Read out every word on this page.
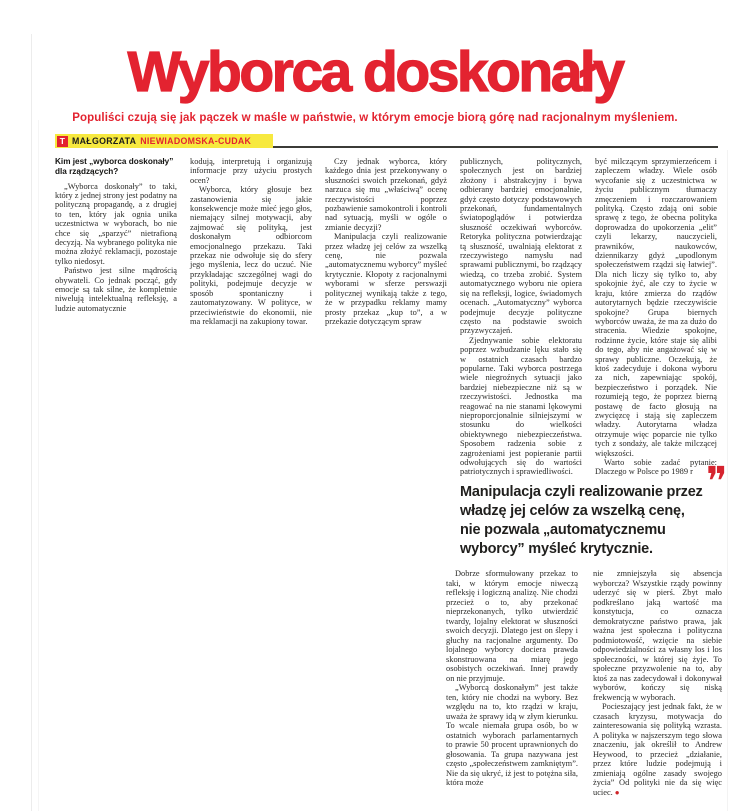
Wyborca doskonały

Populiści czują się jak pączek w maśle w państwie, w którym emocje biorą górę nad racjonalnym myśleniem.

T MAŁGORZATA NIEWIADOMSKA-CUDAK
Kim jest „wyborca doskonały” dla rządzących?

„Wyborca doskonały” to taki, który z jednej strony jest podatny na polityczną propagandę, a z drugiej to ten, który jak ognia unika uczestnictwa w wyborach, bo nie chce się „sparzyć” nietrafioną decyzją. Na wybranego polityka nie można złożyć reklamacji, pozostaje tylko niedosyt.

Państwo jest silne mądrością obywateli. Co jednak począć, gdy emocje są tak silne, że kompletnie niwelują intelektualną refleksję, a ludzie automatycznie

kodują, interpretują i organizują informacje przy użyciu prostych ocen?

Wyborca, który głosuje bez zastanowienia się jakie konsekwencje może mieć jego głos, niemający silnej motywacji, aby zajmować się polityką, jest doskonałym odbiorcom emocjonalnego przekazu. Taki przekaz nie odwołuje się do sfery jego myślenia, lecz do uczuć. Nie przykładając szczególnej wagi do polityki, podejmuje decyzje w sposób spontaniczny i zautomatyzowany. W polityce, w przeciwieństwie do ekonomii, nie ma reklamacji na zakupiony towar.

Czy jednak wyborca, który każdego dnia jest przekonywany o słuszności swoich przekonań, gdyż narzuca się mu „właściwą” ocenę rzeczywistości poprzez pozbawienie samokontroli i kontroli nad sytuacją, myśli w ogóle o zmianie decyzji?

Manipulacja czyli realizowanie przez władzę jej celów za wszelką cenę, nie pozwala „automatycznemu wyborcy” myśleć krytycznie. Kłopoty z racjonalnymi wyborami w sferze perswazji politycznej wynikają także z tego, że w przypadku reklamy mamy prosty przekaz „kup to”, a w przekazie dotyczącym spraw

publicznych, politycznych, społecznych jest on bardziej złożony i abstrakcyjny i bywa odbierany bardziej emocjonalnie, gdyż często dotyczy podstawowych przekonań, fundamentalnych światopoglądów i potwierdza słuszność oczekiwań wyborców. Retoryka polityczna potwierdzając tą słuszność, uwalniają elektorat z rzeczywistego namysłu nad sprawami publicznymi, bo rządzący wiedzą, co trzeba zrobić. System automatycznego wyboru nie opiera się na refleksji, logice, świadomych ocenach. „Automatyczny” wyborca podejmuje decyzje polityczne często na podstawie swoich przyzwyczajeń.

Zjednywanie sobie elektoratu poprzez wzbudzanie lęku stało się w ostatnich czasach bardzo popularne. Taki wyborca postrzega wiele niegroźnych sytuacji jako bardziej niebezpieczne niż są w rzeczywistości. Jednostka ma reagować na nie stanami lękowymi nieproporcjonalnie silniejszymi w stosunku do wielkości obiektywnego niebezpieczeństwa. Sposobem radzenia sobie z zagrożeniami jest popieranie partii odwołujących się do wartości patriotycznych i sprawiedliwości.

być milczącym sprzymierzeńcem i zapleczem władzy. Wiele osób wycofanie się z uczestnictwa w życiu publicznym tłumaczy zmęczeniem i rozczarowaniem polityką. Często zdają oni sobie sprawę z tego, że obecna polityka doprowadza do upokorzenia „elit” czyli lekarzy, nauczycieli, prawników, naukowców, dziennikarzy gdyż „upodlonym społeczeństwem rządzi się łatwiej”. Dla nich liczy się tylko to, aby spokojnie żyć, ale czy to życie w kraju, które zmierza do rządów autorytarnych będzie rzeczywiście spokojne? Grupa biernych wyborców uważa, że ma za dużo do stracenia. Wiedzie spokojne, rodzinne życie, które staje się alibi do tego, aby nie angażować się w sprawy publiczne. Oczekują, że ktoś zadecyduje i dokona wyboru za nich, zapewniając spokój, bezpieczeństwo i porządek. Nie rozumieją tego, że poprzez bierną postawę de facto głosują na zwycięzcę i stają się zapleczem władzy. Autorytarna władza otrzymuje więc poparcie nie tylko tych z sondaży, ale także milczącej większości.

Warto sobie zadać pytanie: Dlaczego w Polsce po 1989 r ❞
Manipulacja czyli realizowanie przez władzę jej celów za wszelką cenę, nie pozwala „automatycznemu wyborcy” myśleć krytycznie.

Dobrze sformułowany przekaz to taki, w którym emocje niweczą refleksję i logiczną analizę. Nie chodzi przecież o to, aby przekonać nieprzekonanych, tylko utwierdzić twardy, lojalny elektorat w słuszności swoich decyzji. Dlatego jest on ślepy i głuchy na racjonalne argumenty. Do lojalnego wyborcy dociera prawda skonstruowana na miarę jego osobistych oczekiwań. Innej prawdy on nie przyjmuje.

„Wyborcą doskonałym” jest także ten, który nie chodzi na wybory. Bez względu na to, kto rządzi w kraju, uważa że sprawy idą w złym kierunku. To wcale niemała grupa osób, bo w ostatnich wyborach parlamentarnych to prawie 50 procent uprawnionych do głosowania. Ta grupa nazywana jest często „społeczeństwem zamkniętym”. Nie da się ukryć, iż jest to potężna siła, która może

nie zmniejszyła się absencja wyborcza? Wszystkie rządy powinny uderzyć się w pierś. Zbyt mało podkreślano jaką wartość ma konstytucja, co oznacza demokratyczne państwo prawa, jak ważna jest społeczna i polityczna podmiotowość, wzięcie na siebie odpowiedzialności za własny los i los społeczności, w której się żyje. To społeczne przyzwolenie na to, aby ktoś za nas zadecydował i dokonywał wyborów, kończy się niską frekwencją w wyborach.

Pocieszający jest jednak fakt, że w czasach kryzysu, motywacja do zainteresowania się polityką wzrasta. A polityka w najszerszym tego słowa znaczeniu, jak określił to Andrew Heywood, to przecież „działanie, przez które ludzie podejmują i zmieniają ogólne zasady swojego życia” Od polityki nie da się więc uciec. ●
